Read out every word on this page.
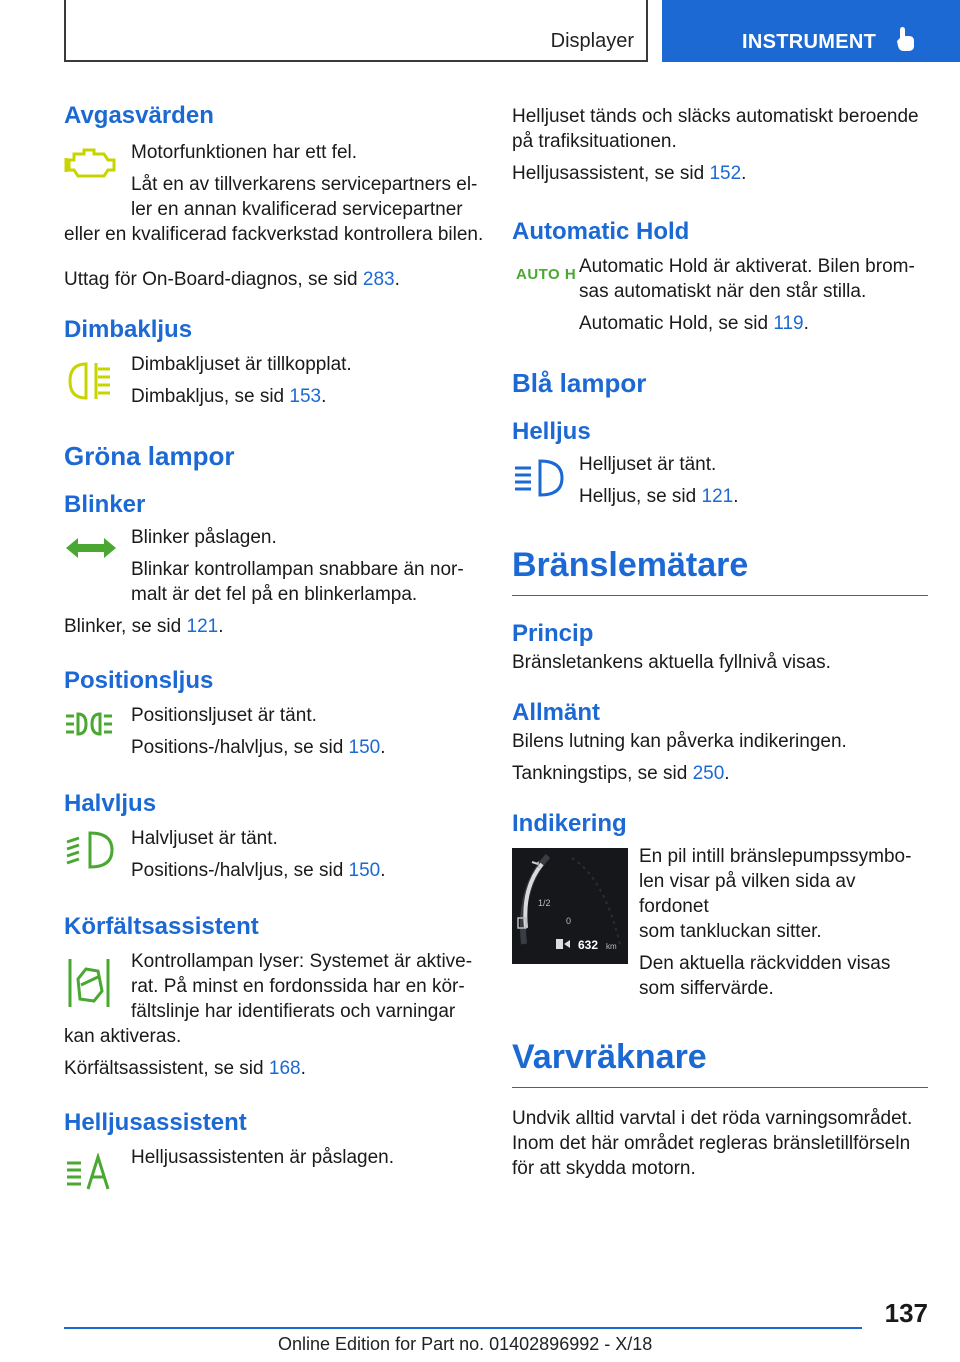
Displayer	INSTRUMENT
Avgasvärden

Motorfunktionen har ett fel.

Låt en av tillverkarens servicepartners el-

ler en annan kvalificerad servicepartner

eller en kvalificerad fackverkstad kontrollera bilen.

Uttag för On-Board-diagnos, se sid 283.

Dimbakljus

Dimbakljuset är tillkopplat.

Dimbakljus, se sid 153.

Gröna lampor
Blinker

Blinker påslagen.

Blinkar kontrollampan snabbare än nor-

malt är det fel på en blinkerlampa.

Blinker, se sid 121.

Positionsljus

Positionsljuset är tänt.

Positions-/halvljus, se sid 150.

Halvljus

Halvljuset är tänt.

Positions-/halvljus, se sid 150.

Körfältsassistent

Kontrollampan lyser: Systemet är aktive-

rat. På minst en fordonssida har en kör-

fältslinje har identifierats och varningar

kan aktiveras.

Körfältsassistent, se sid 168.

Helljusassistent

Helljusassistenten är påslagen.

Helljuset tänds och släcks automatiskt beroende

på trafiksituationen.

Helljusassistent, se sid 152.

Automatic Hold
AUTO H Automatic Hold är aktiverat. Bilen brom-

sas automatiskt när den står stilla.

Automatic Hold, se sid 119.

Blå lampor
Helljus

Helljuset är tänt.

Helljus, se sid 121.

Bränslemätare
Princip

Bränsletankens aktuella fyllnivå visas.

Allmänt

Bilens lutning kan påverka indikeringen.

Tankningstips, se sid 250.

Indikering
1
1/2
0
632 km

En pil intill bränslepumpssymbo-

len visar på vilken sida av fordonet

som tankluckan sitter.

Den aktuella räckvidden visas

som siffervärde.

Varvräknare

Undvik alltid varvtal i det röda varningsområdet.

Inom det här området regleras bränsletillförseln

för att skydda motorn.

137
Online Edition for Part no. 01402896992 - X/18
